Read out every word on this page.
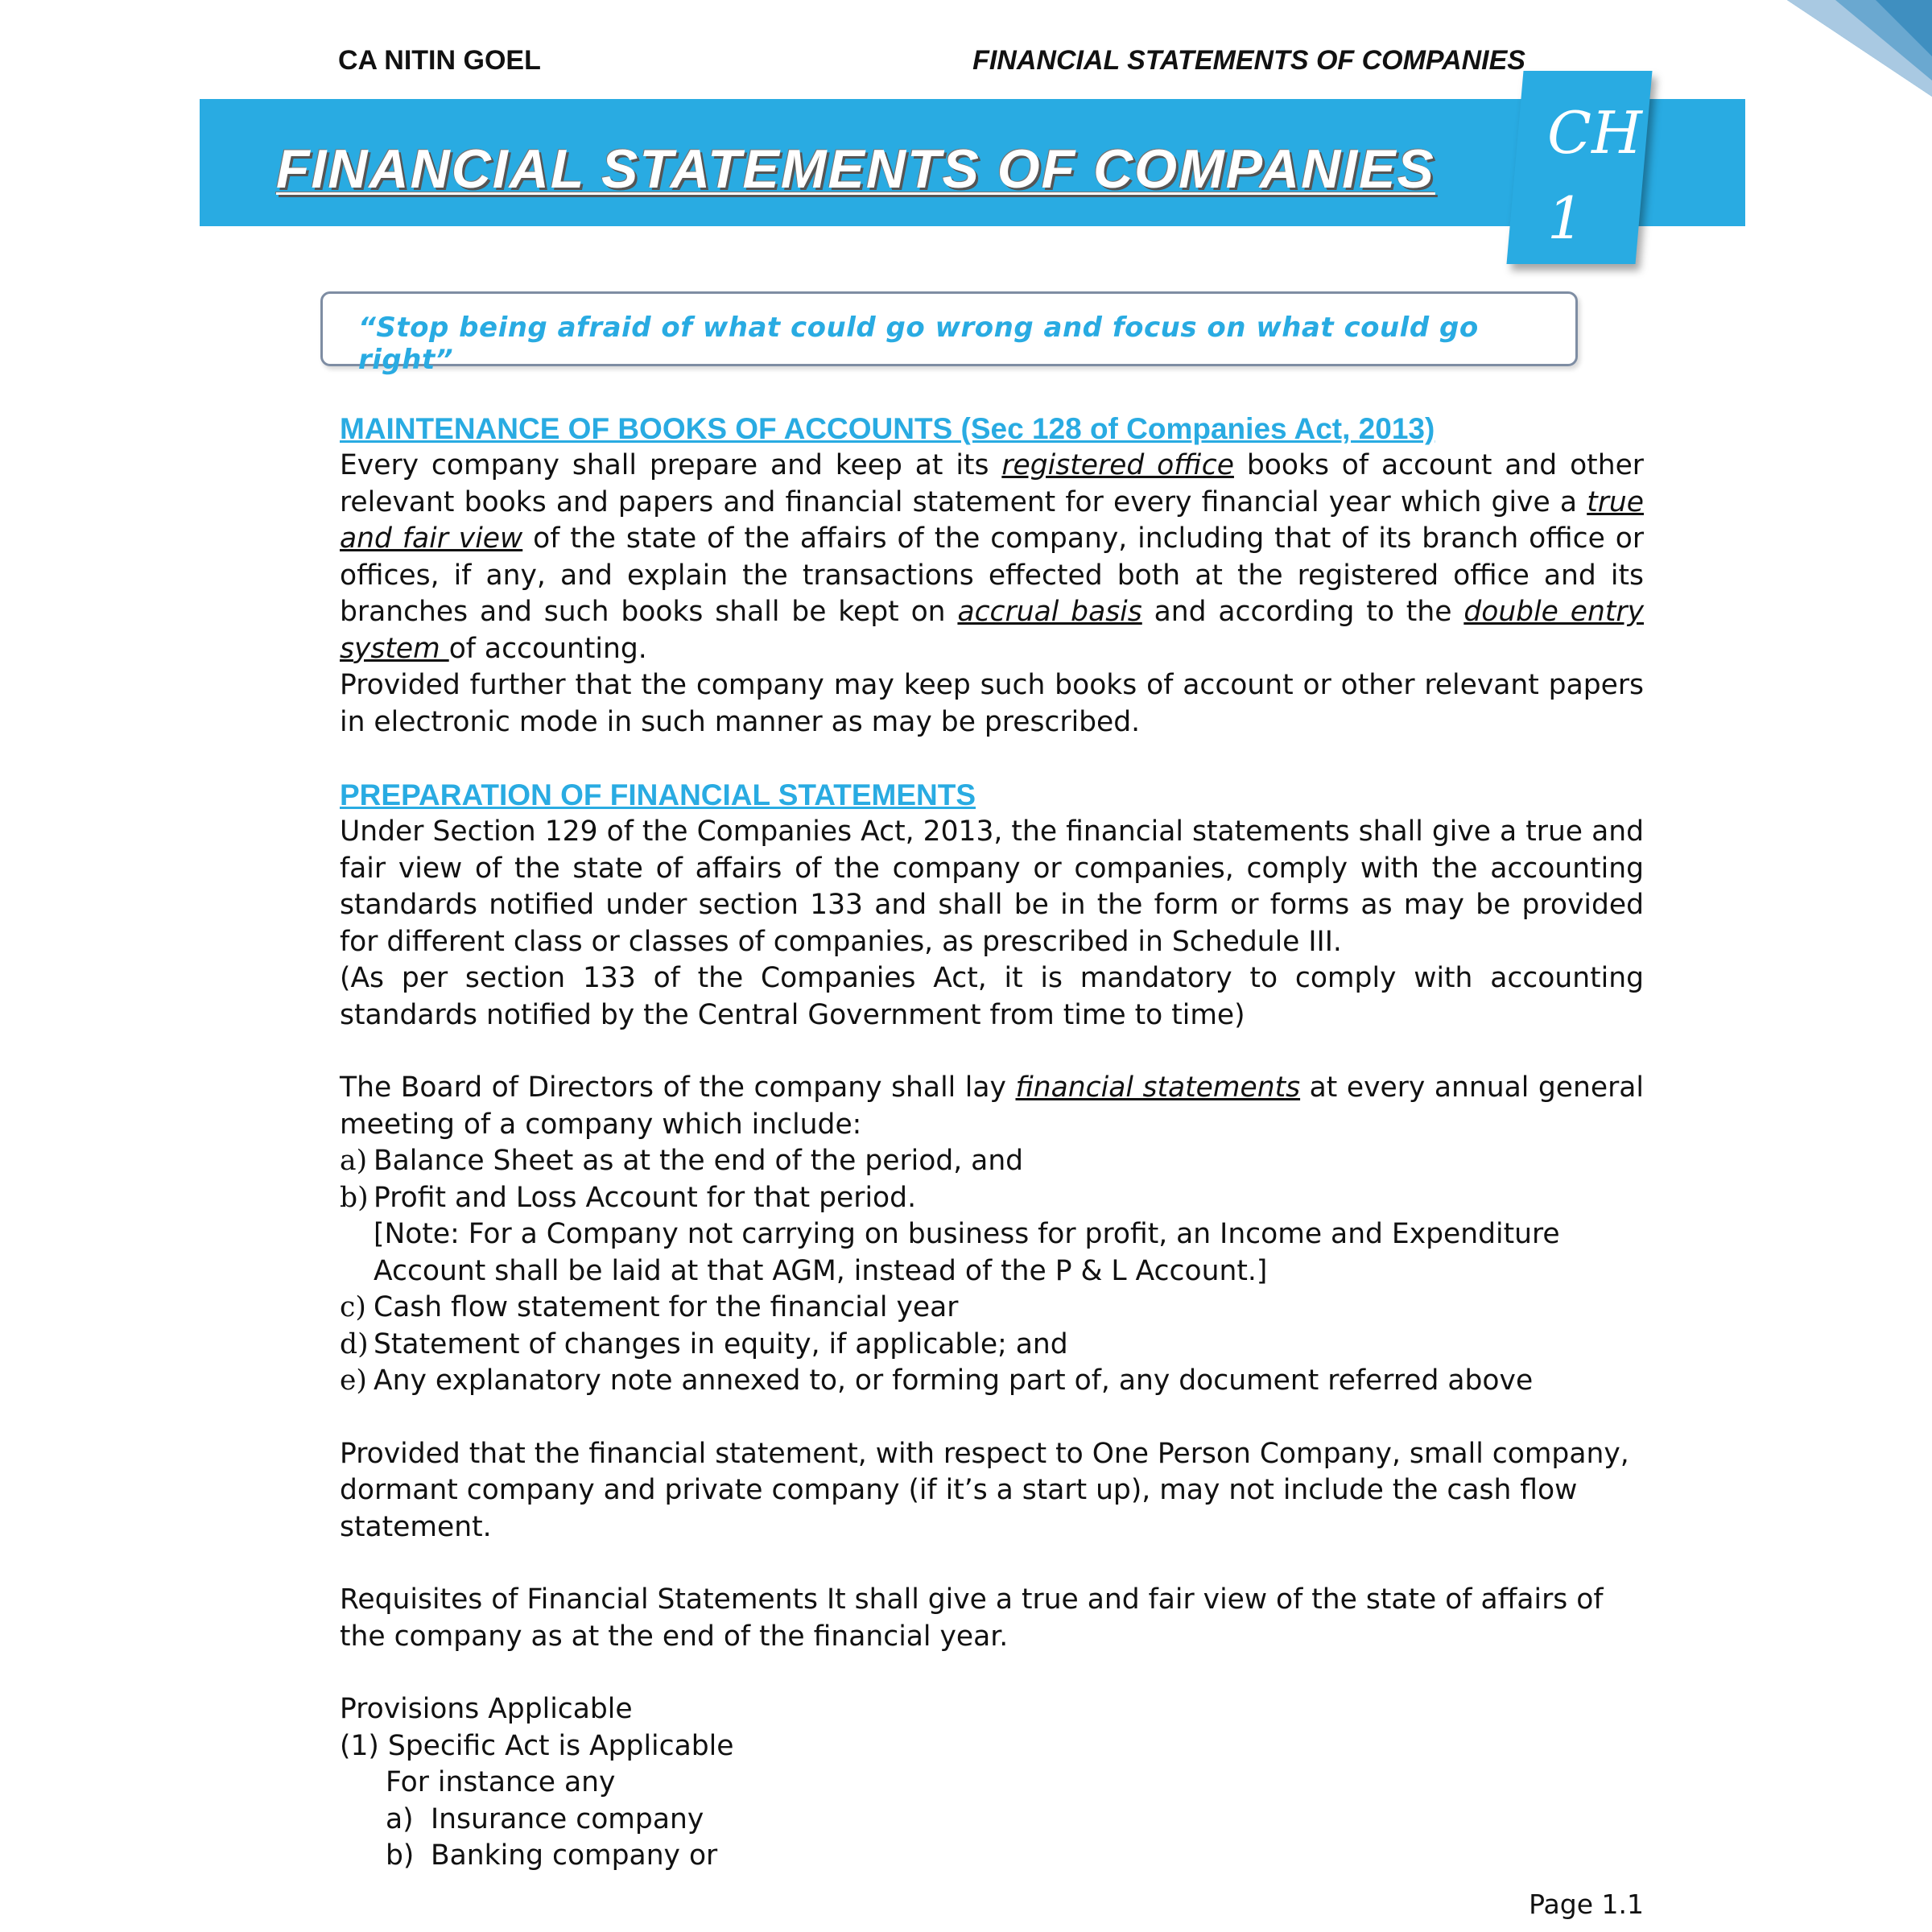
CA NITIN GOEL	FINANCIAL STATEMENTS OF COMPANIES
FINANCIAL STATEMENTS OF COMPANIES
CH
1
“Stop being afraid of what could go wrong and focus on what could go right”
MAINTENANCE OF BOOKS OF ACCOUNTS (Sec 128 of Companies Act, 2013)

Every company shall prepare and keep at its registered office books of account and other relevant books and papers and financial statement for every financial year which give a true and fair view of the state of the affairs of the company, including that of its branch office or offices, if any, and explain the transactions effected both at the registered office and its branches and such books shall be kept on accrual basis and according to the double entry system of accounting.

Provided further that the company may keep such books of account or other relevant papers in electronic mode in such manner as may be prescribed.

PREPARATION OF FINANCIAL STATEMENTS

Under Section 129 of the Companies Act, 2013, the financial statements shall give a true and fair view of the state of affairs of the company or companies, comply with the accounting standards notified under section 133 and shall be in the form or forms as may be provided for different class or classes of companies, as prescribed in Schedule III.

(As per section 133 of the Companies Act, it is mandatory to comply with accounting standards notified by the Central Government from time to time)

The Board of Directors of the company shall lay financial statements at every annual general meeting of a company which include:

a) Balance Sheet as at the end of the period, and
b) Profit and Loss Account for that period.
[Note: For a Company not carrying on business for profit, an Income and Expenditure
Account shall be laid at that AGM, instead of the P & L Account.]
c) Cash flow statement for the financial year
d) Statement of changes in equity, if applicable; and
e) Any explanatory note annexed to, or forming part of, any document referred above

Provided that the financial statement, with respect to One Person Company, small company, dormant company and private company (if it’s a start up), may not include the cash flow statement.

Requisites of Financial Statements It shall give a true and fair view of the state of affairs of the company as at the end of the financial year.

Provisions Applicable
(1) Specific Act is Applicable
For instance any
a) Insurance company
b) Banking company or
Page 1.1
